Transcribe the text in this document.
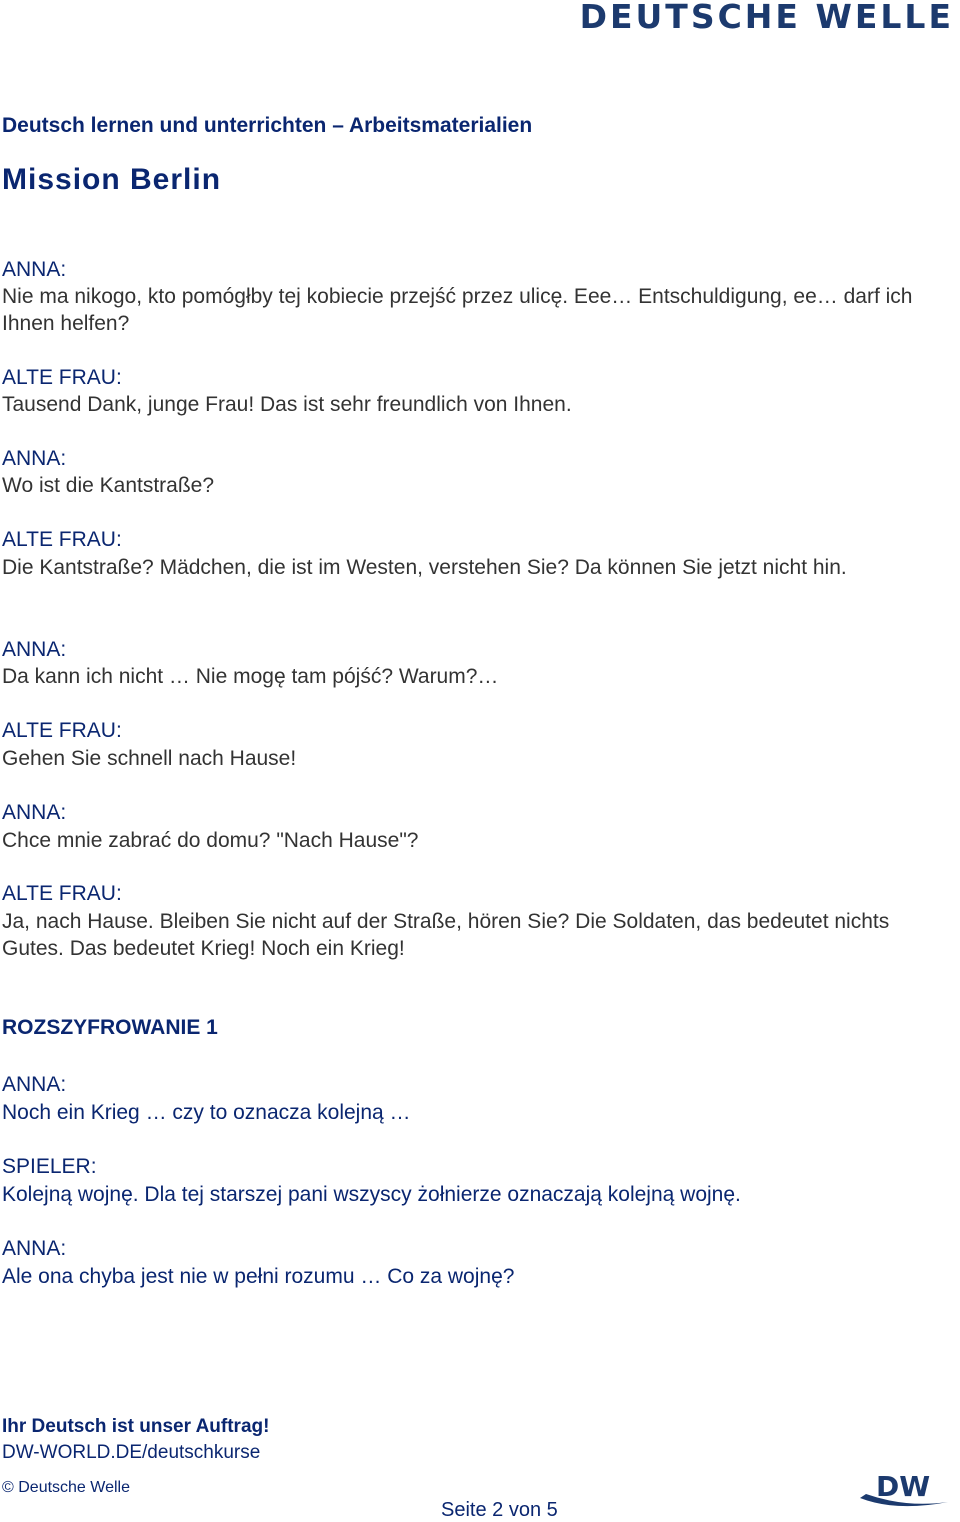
DEUTSCHE WELLE
Deutsch lernen und unterrichten – Arbeitsmaterialien
Mission Berlin
ANNA:
Nie ma nikogo, kto pomógłby tej kobiecie przejść przez ulicę. Eee… Entschuldigung, ee… darf ich Ihnen helfen?
ALTE FRAU:
Tausend Dank, junge Frau! Das ist sehr freundlich von Ihnen.
ANNA:
Wo ist die Kantstraße?
ALTE FRAU:
Die Kantstraße? Mädchen, die ist im Westen, verstehen Sie? Da können Sie jetzt nicht hin.
ANNA:
Da kann ich nicht … Nie mogę tam pójść? Warum?…
ALTE FRAU:
Gehen Sie schnell nach Hause!
ANNA:
Chce mnie zabrać do domu? "Nach Hause"?
ALTE FRAU:
Ja, nach Hause. Bleiben Sie nicht auf der Straße, hören Sie? Die Soldaten, das bedeutet nichts Gutes. Das bedeutet Krieg! Noch ein Krieg!
ROZSZYFROWANIE 1
ANNA:
Noch ein Krieg … czy to oznacza kolejną …
SPIELER:
Kolejną wojnę. Dla tej starszej pani wszyscy żołnierze oznaczają kolejną wojnę.
ANNA:
Ale ona chyba jest nie w pełni rozumu … Co za wojnę?
Ihr Deutsch ist unser Auftrag!
DW-WORLD.DE/deutschkurse
© Deutsche Welle
Seite 2 von 5
DW
